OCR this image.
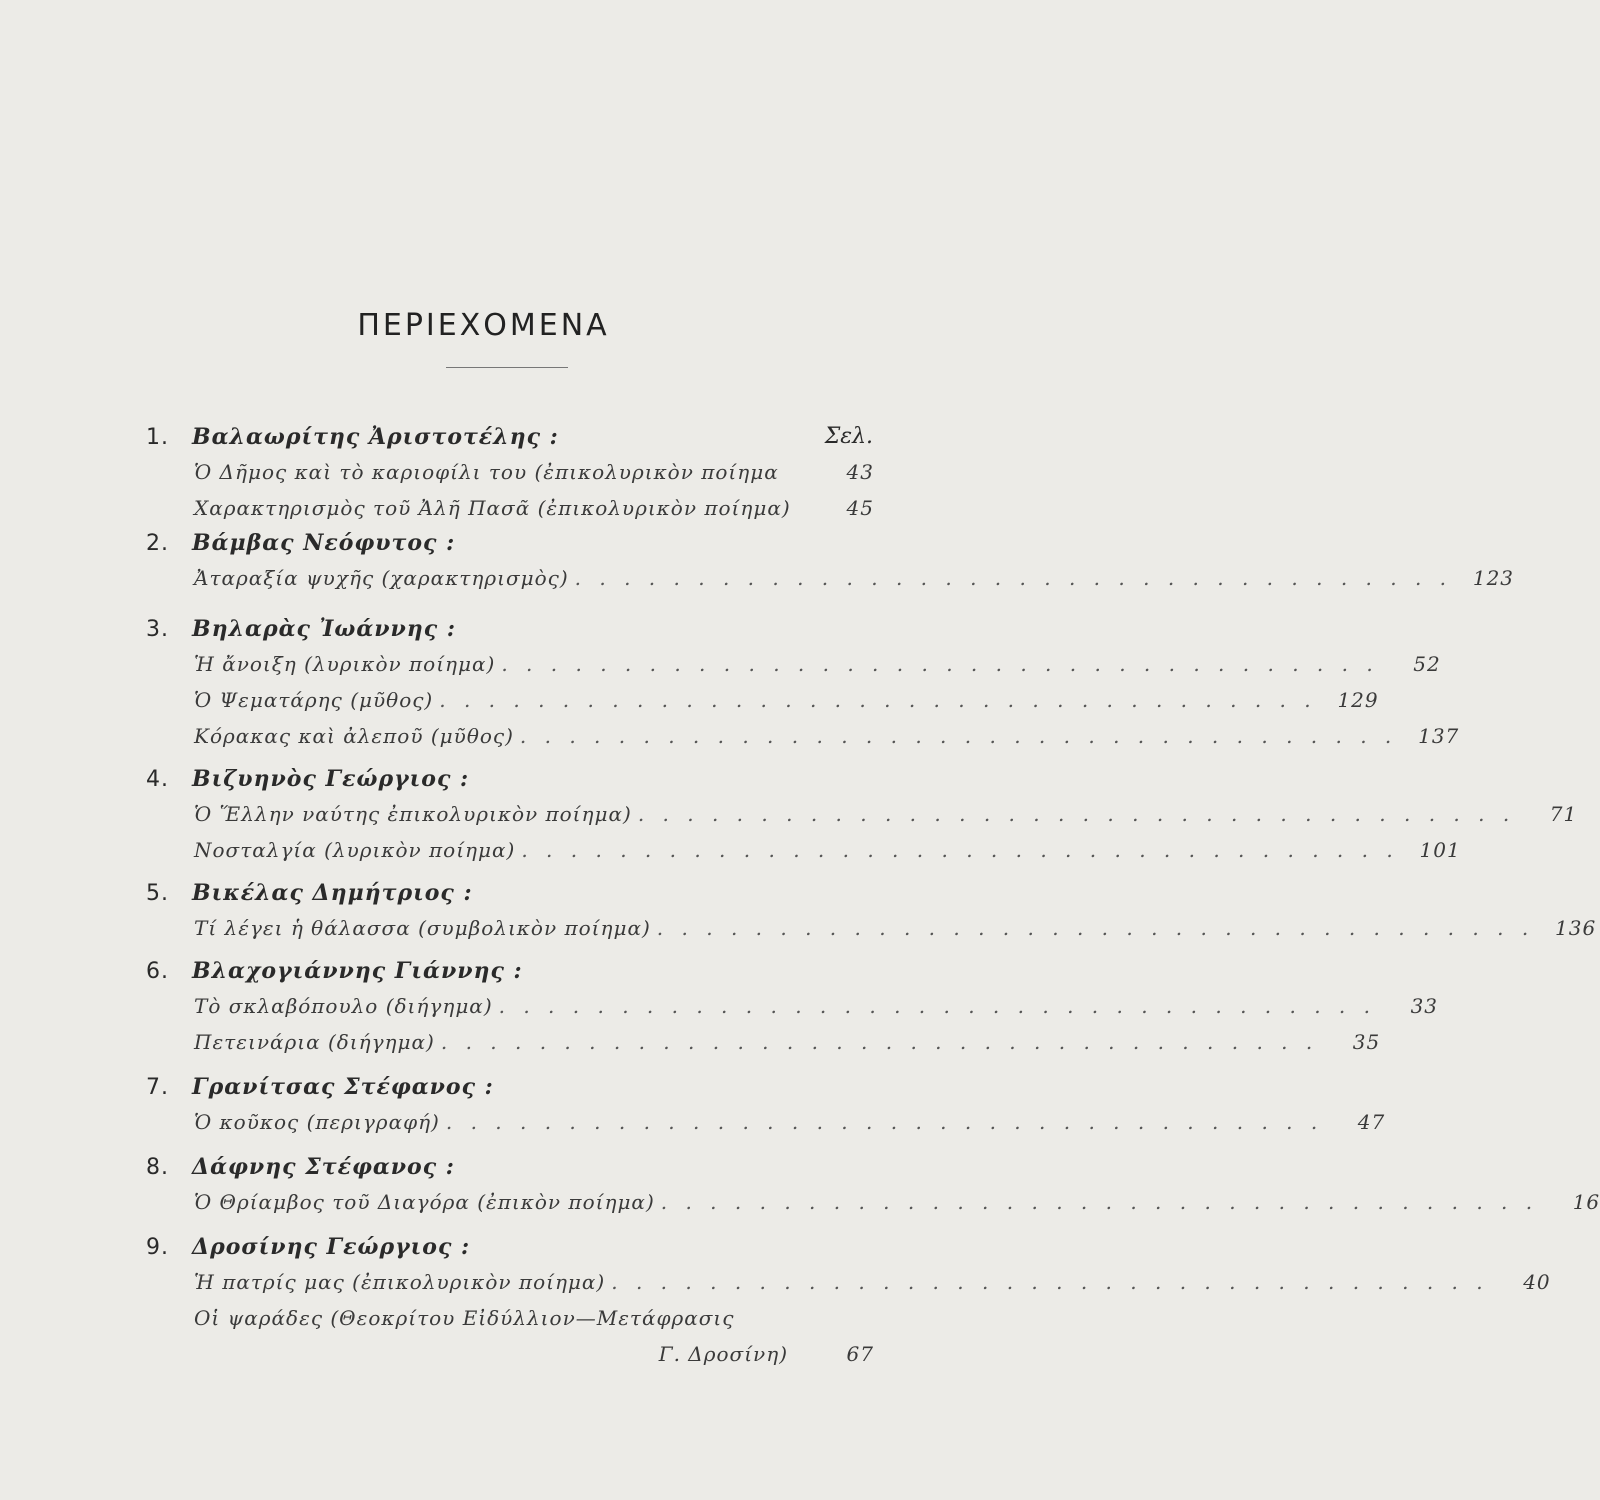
ΠΕΡΙΕΧΟΜΕΝΑ
Σελ.
1. Βαλαωρίτης Ἀριστοτέλης :
Ὁ Δῆμος καὶ τὸ καριοφίλι του (ἐπικολυρικὸν ποίημα	43
Χαρακτηρισμὸς τοῦ Ἀλῆ Πασᾶ (ἐπικολυρικὸν ποίημα)	45
2. Βάμβας Νεόφυτος :
Ἀταραξία ψυχῆς (χαρακτηρισμὸς) . . . . . . . . . . . . . . . . . . . . . . . . . . . . . . . . . . . .	123
3. Βηλαρὰς Ἰωάννης :
Ἡ ἄνοιξη (λυρικὸν ποίημα) . . . . . . . . . . . . . . . . . . . . . . . . . . . . . . . . . . . .	52
Ὁ Ψεματάρης (μῦθος) . . . . . . . . . . . . . . . . . . . . . . . . . . . . . . . . . . . .	129
Κόρακας καὶ ἀλεποῦ (μῦθος) . . . . . . . . . . . . . . . . . . . . . . . . . . . . . . . . . . . .	137
4. Βιζυηνὸς Γεώργιος :
Ὁ Ἕλλην ναύτης ἐπικολυρικὸν ποίημα) . . . . . . . . . . . . . . . . . . . . . . . . . . . . . . . . . . . .	71
Νοσταλγία (λυρικὸν ποίημα) . . . . . . . . . . . . . . . . . . . . . . . . . . . . . . . . . . . .	101
5. Βικέλας Δημήτριος :
Τί λέγει ἡ θάλασσα (συμβολικὸν ποίημα) . . . . . . . . . . . . . . . . . . . . . . . . . . . . . . . . . . . .	136
6. Βλαχογιάννης Γιάννης :
Τὸ σκλαβόπουλο (διήγημα) . . . . . . . . . . . . . . . . . . . . . . . . . . . . . . . . . . . .	33
Πετεινάρια (διήγημα) . . . . . . . . . . . . . . . . . . . . . . . . . . . . . . . . . . . .	35
7. Γρανίτσας Στέφανος :
Ὁ κοῦκος (περιγραφή) . . . . . . . . . . . . . . . . . . . . . . . . . . . . . . . . . . . .	47
8. Δάφνης Στέφανος :
Ὁ Θρίαμβος τοῦ Διαγόρα (ἐπικὸν ποίημα) . . . . . . . . . . . . . . . . . . . . . . . . . . . . . . . . . . . .	16
9. Δροσίνης Γεώργιος :
Ἡ πατρίς μας (ἐπικολυρικὸν ποίημα) . . . . . . . . . . . . . . . . . . . . . . . . . . . . . . . . . . . .	40
Οἱ ψαράδες (Θεοκρίτου Εἰδύλλιον—Μετάφρασις
Γ. Δροσίνη)	67
